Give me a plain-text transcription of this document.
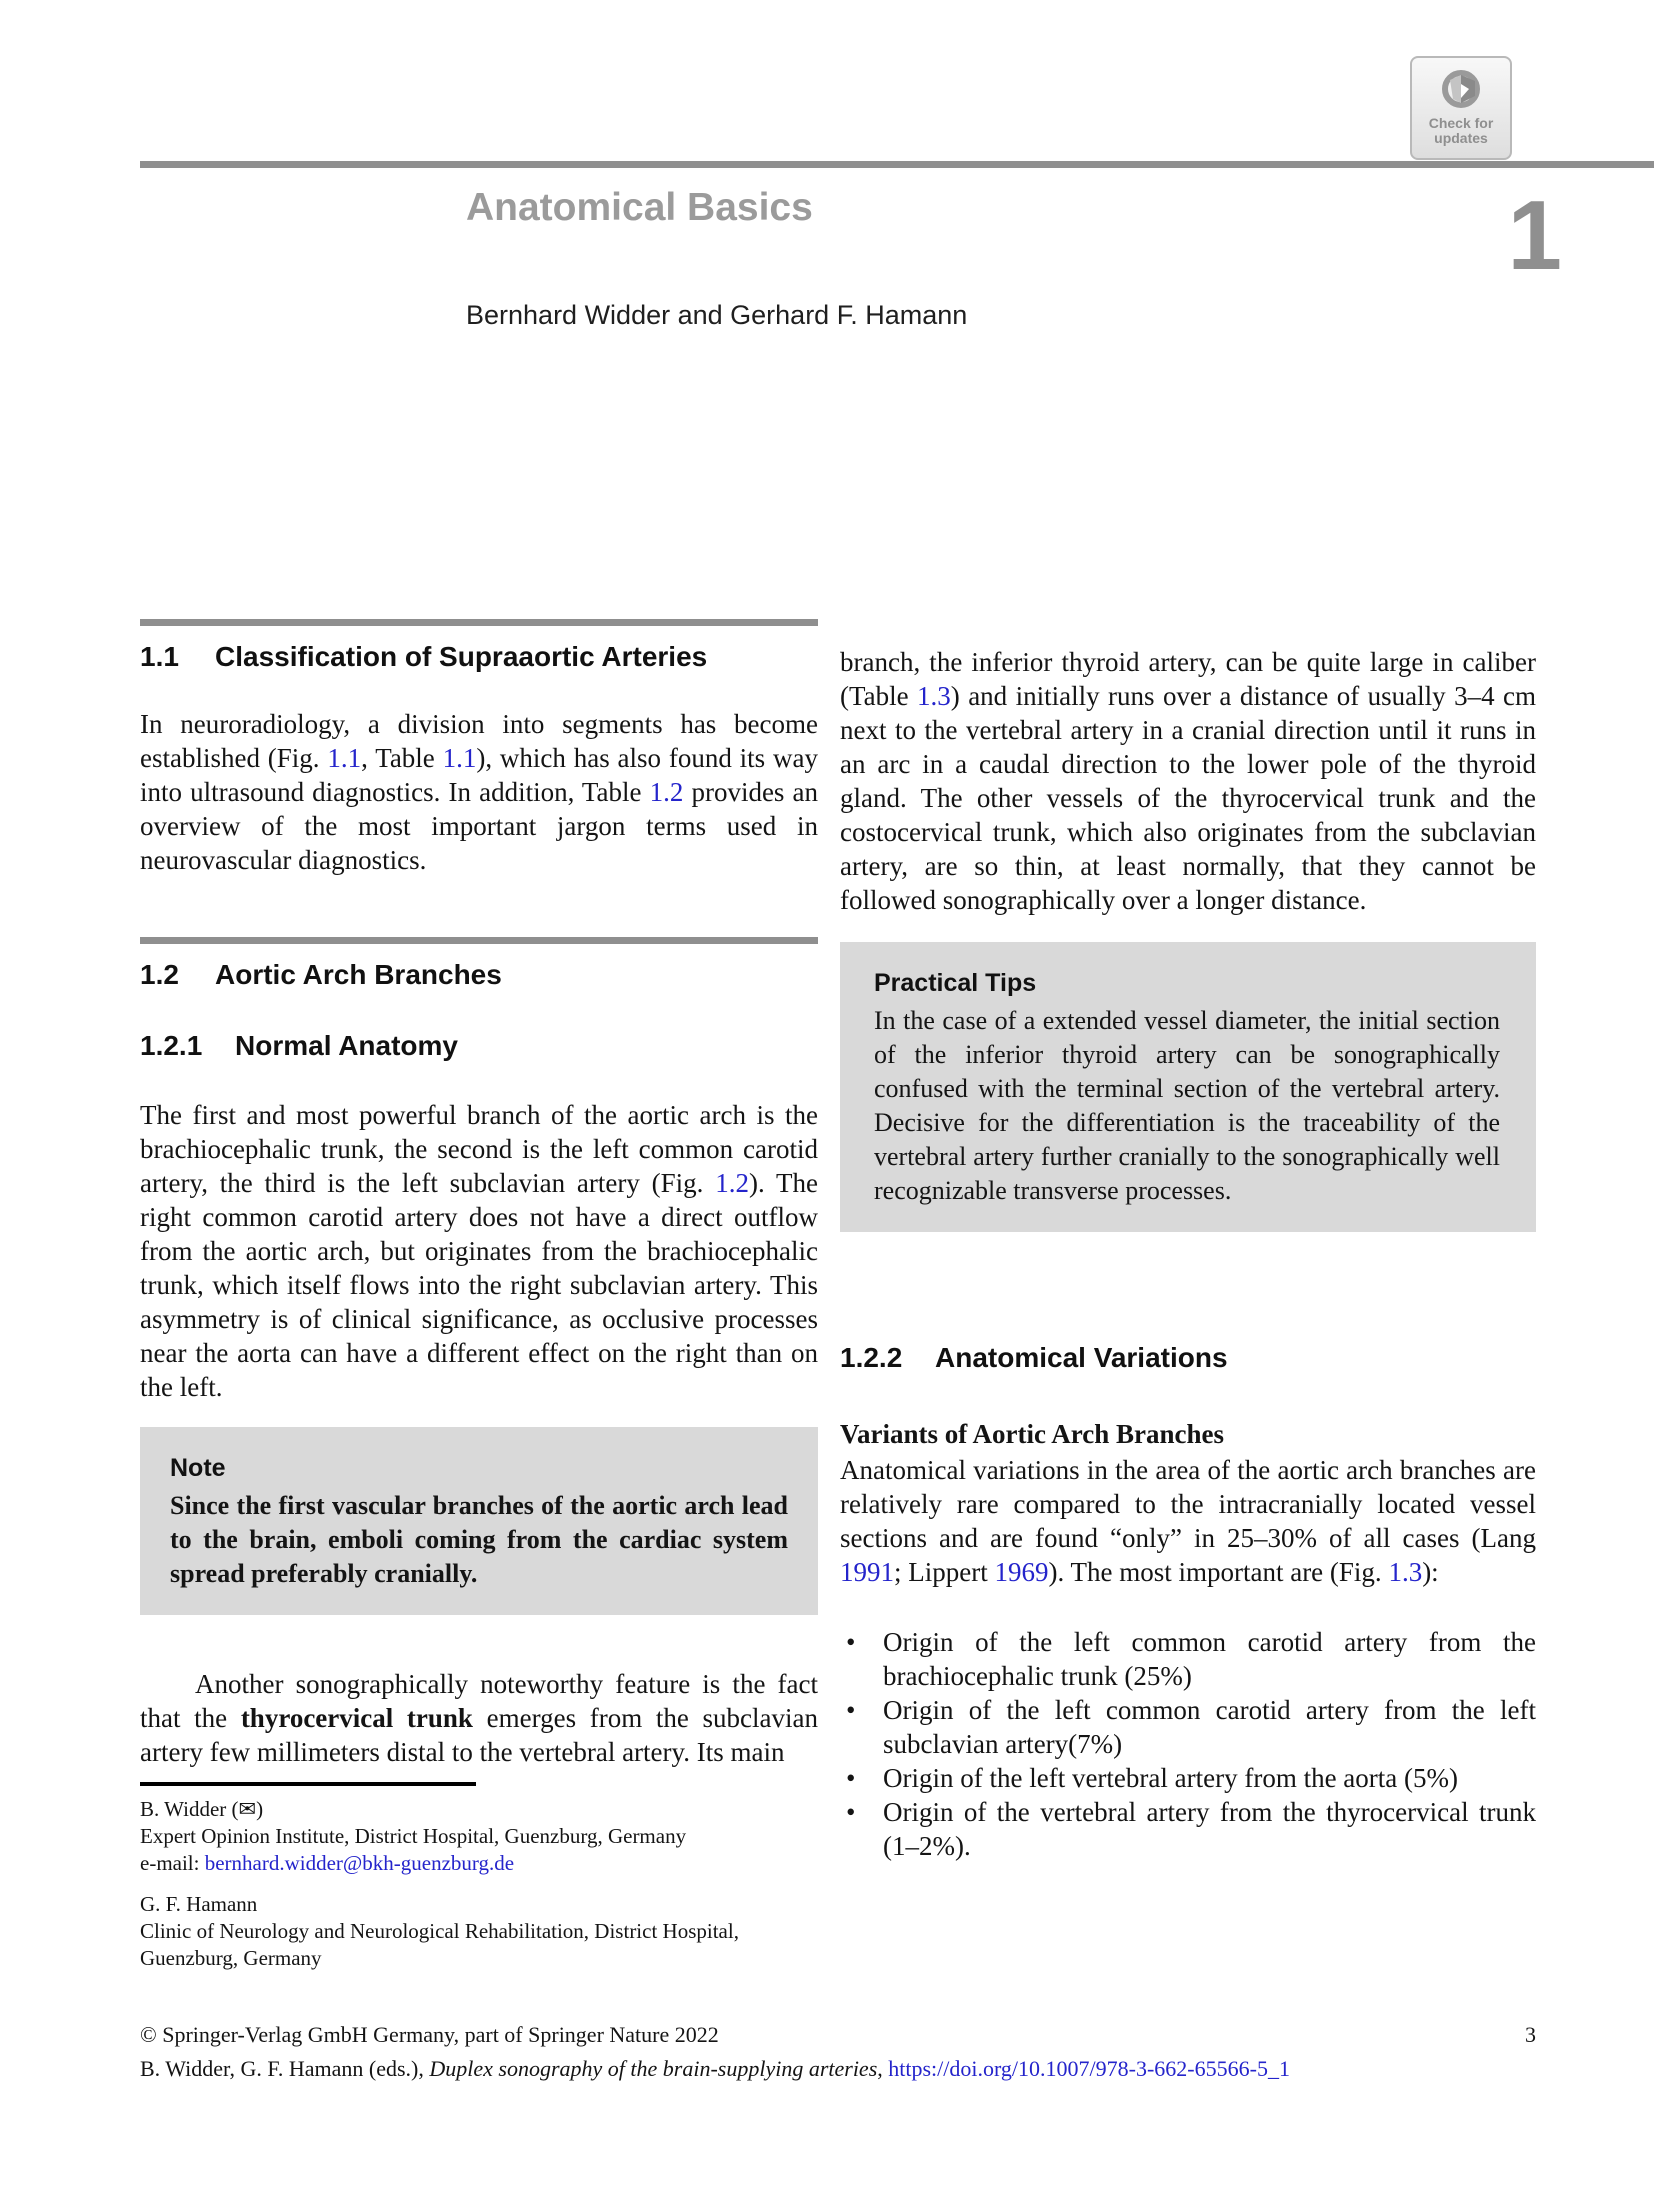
Check for
updates
Anatomical Basics	1
Bernhard Widder and Gerhard F. Hamann
1.1	Classification of Supraaortic Arteries

In neuroradiology, a division into segments has become established (Fig. 1.1, Table 1.1), which has also found its way into ultrasound diagnostics. In addition, Table 1.2 provides an overview of the most important jargon terms used in neurovascular diagnostics.

1.2	Aortic Arch Branches
1.2.1	Normal Anatomy

The first and most powerful branch of the aortic arch is the brachiocephalic trunk, the second is the left common carotid artery, the third is the left subclavian artery (Fig. 1.2). The right common carotid artery does not have a direct outflow from the aortic arch, but originates from the brachiocephalic trunk, which itself flows into the right subclavian artery. This asymmetry is of clinical significance, as occlusive processes near the aorta can have a different effect on the right than on the left.

Note
Since the first vascular branches of the aortic arch lead to the brain, emboli coming from the cardiac system spread preferably cranially.

Another sonographically noteworthy feature is the fact that the thyrocervical trunk emerges from the subclavian artery few millimeters distal to the vertebral artery. Its main

B. Widder (✉)
Expert Opinion Institute, District Hospital, Guenzburg, Germany
e-mail: bernhard.widder@bkh-guenzburg.de
G. F. Hamann
Clinic of Neurology and Neurological Rehabilitation, District Hospital, Guenzburg, Germany

branch, the inferior thyroid artery, can be quite large in caliber (Table 1.3) and initially runs over a distance of usually 3–4 cm next to the vertebral artery in a cranial direction until it runs in an arc in a caudal direction to the lower pole of the thyroid gland. The other vessels of the thyrocervical trunk and the costocervical trunk, which also originates from the subclavian artery, are so thin, at least normally, that they cannot be followed sonographically over a longer distance.

Practical Tips
In the case of a extended vessel diameter, the initial section of the inferior thyroid artery can be sonographically confused with the terminal section of the vertebral artery. Decisive for the differentiation is the traceability of the vertebral artery further cranially to the sonographically well recognizable transverse processes.
1.2.2	Anatomical Variations
Variants of Aortic Arch Branches

Anatomical variations in the area of the aortic arch branches are relatively rare compared to the intracranially located vessel sections and are found “only” in 25–30% of all cases (Lang 1991; Lippert 1969). The most important are (Fig. 1.3):

• Origin of the left common carotid artery from the brachiocephalic trunk (25%)
• Origin of the left common carotid artery from the left subclavian artery(7%)
• Origin of the left vertebral artery from the aorta (5%)
• Origin of the vertebral artery from the thyrocervical trunk (1–2%).
© Springer-Verlag GmbH Germany, part of Springer Nature 2022	3
B. Widder, G. F. Hamann (eds.), Duplex sonography of the brain-supplying arteries, https://doi.org/10.1007/978-3-662-65566-5_1
